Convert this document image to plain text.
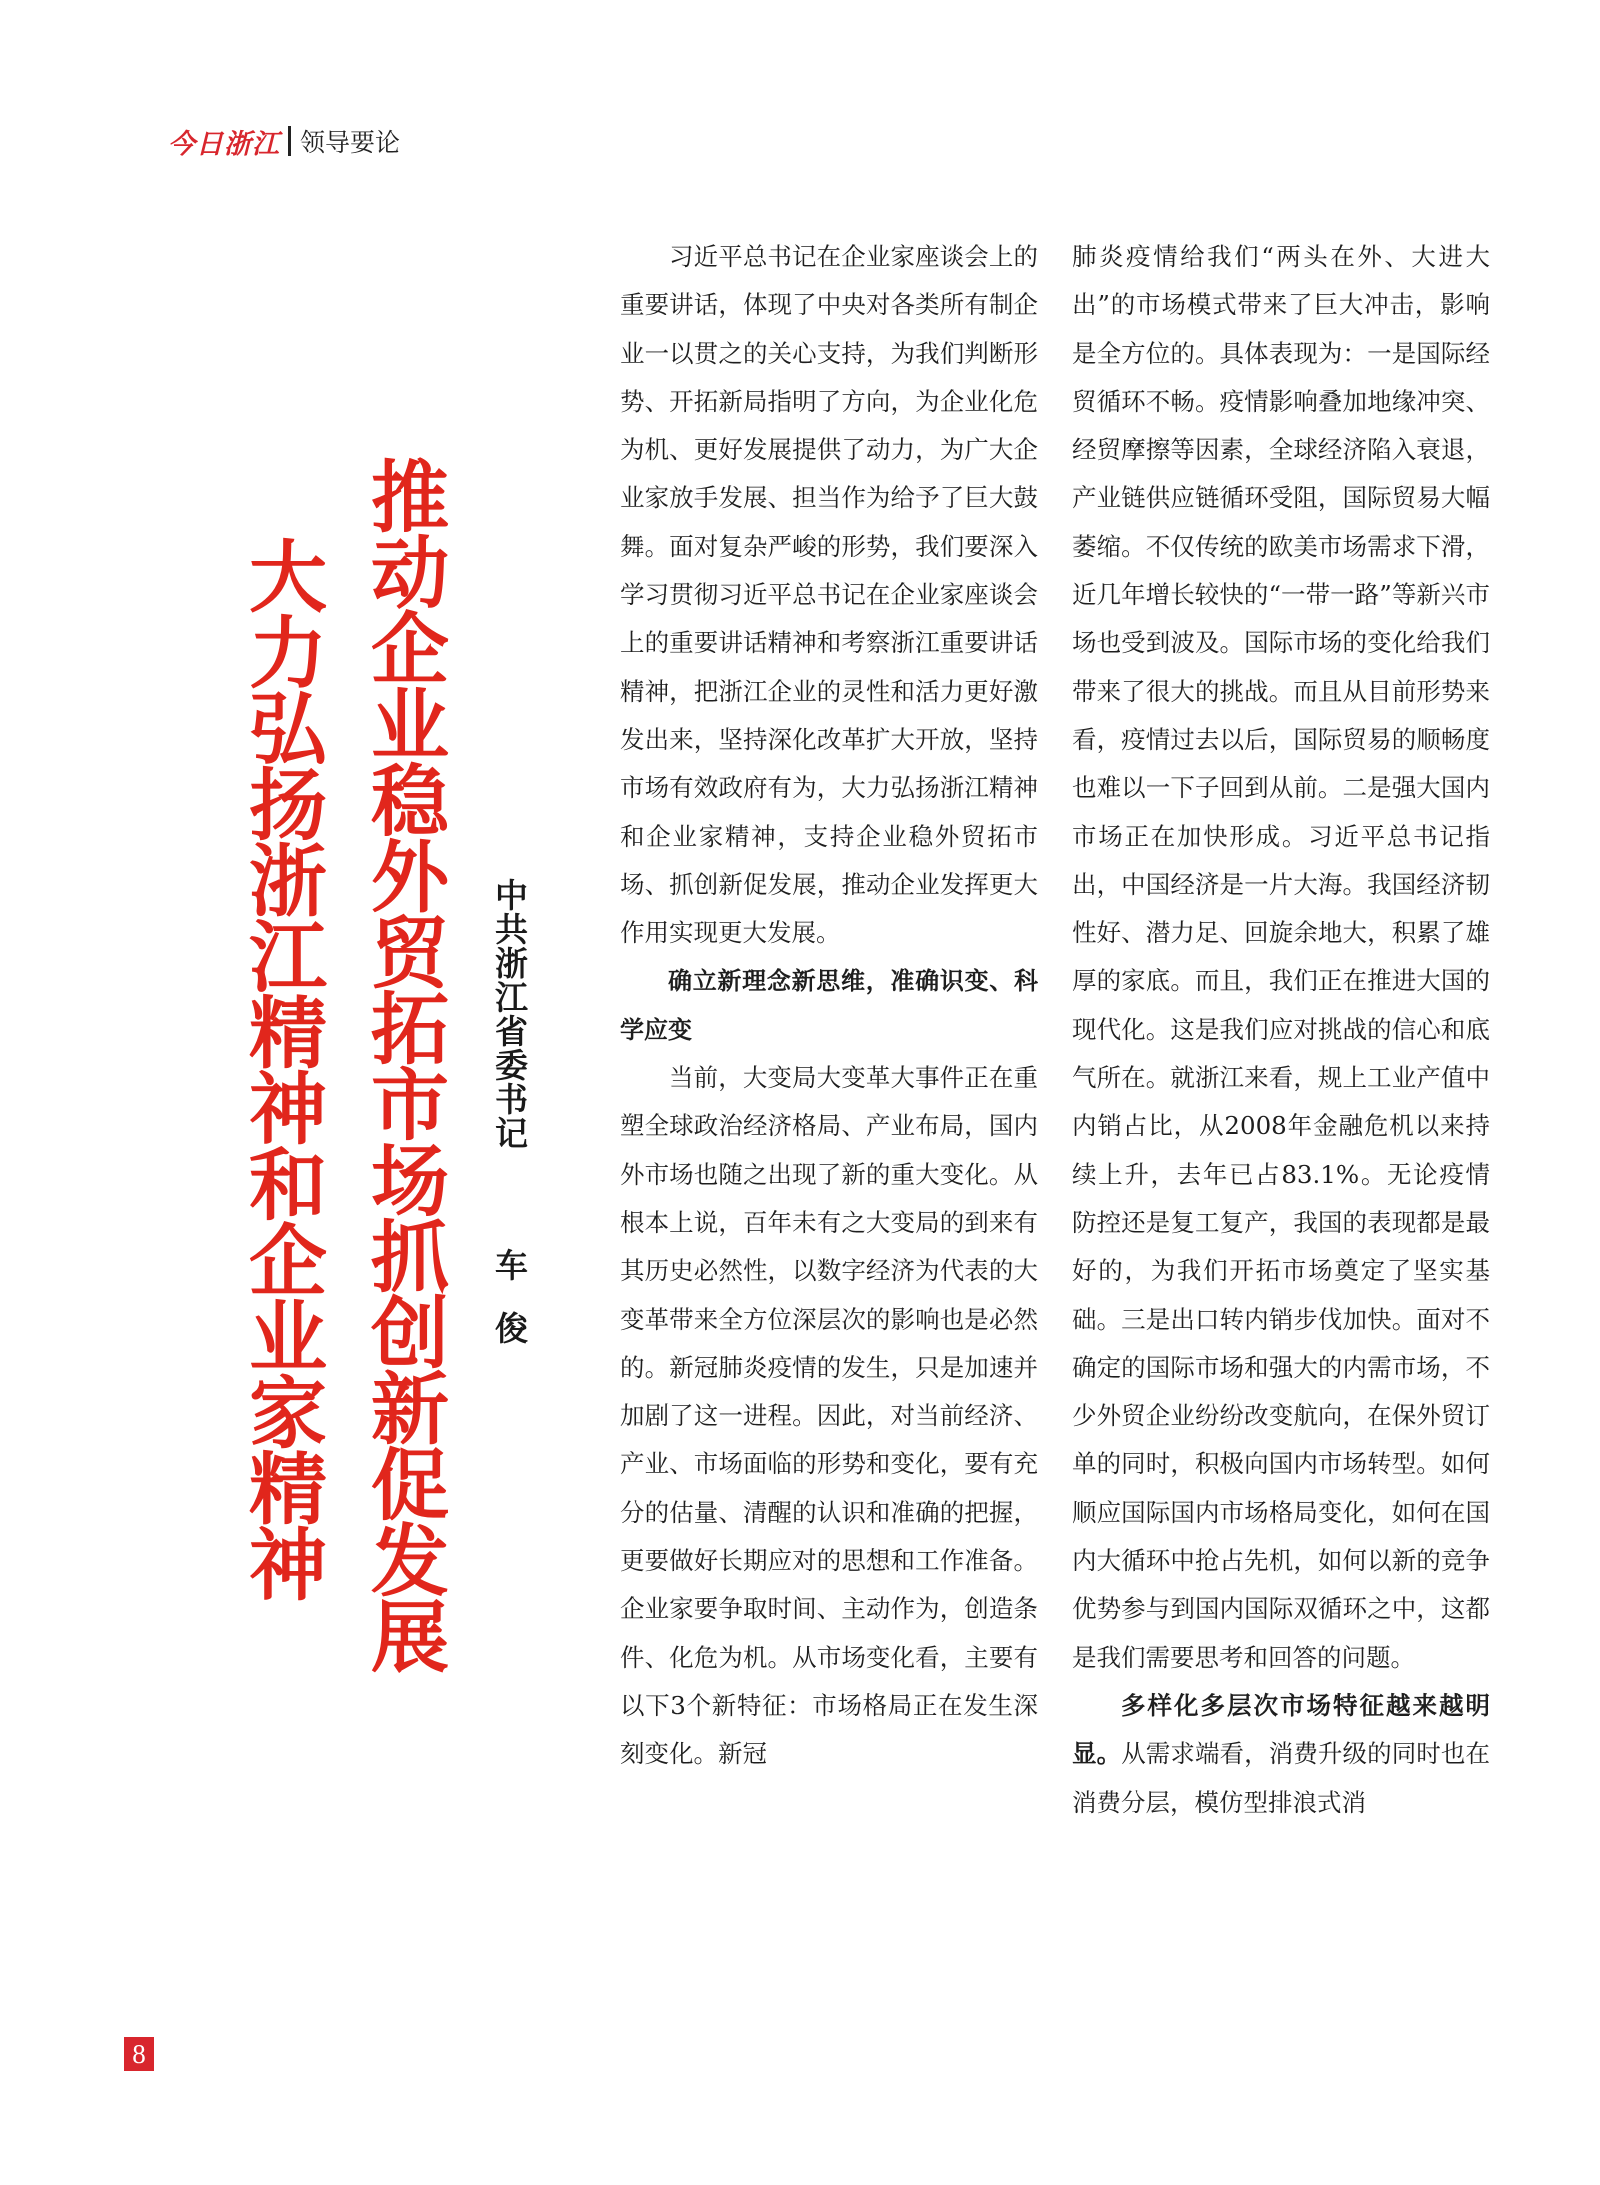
今日浙江 领导要论
推动企业稳外贸拓市场抓创新促发展
大力弘扬浙江精神和企业家精神	中共浙江省委书记 车俊

习近平总书记在企业家座谈会上的重要讲话，体现了中央对各类所有制企业一以贯之的关心支持，为我们判断形势、开拓新局指明了方向，为企业化危为机、更好发展提供了动力，为广大企业家放手发展、担当作为给予了巨大鼓舞。面对复杂严峻的形势，我们要深入学习贯彻习近平总书记在企业家座谈会上的重要讲话精神和考察浙江重要讲话精神，把浙江企业的灵性和活力更好激发出来，坚持深化改革扩大开放，坚持市场有效政府有为，大力弘扬浙江精神和企业家精神，支持企业稳外贸拓市场、抓创新促发展，推动企业发挥更大作用实现更大发展。

确立新理念新思维，准确识变、科学应变

当前，大变局大变革大事件正在重塑全球政治经济格局、产业布局，国内外市场也随之出现了新的重大变化。从根本上说，百年未有之大变局的到来有其历史必然性，以数字经济为代表的大变革带来全方位深层次的影响也是必然的。新冠肺炎疫情的发生，只是加速并加剧了这一进程。因此，对当前经济、产业、市场面临的形势和变化，要有充分的估量、清醒的认识和准确的把握，更要做好长期应对的思想和工作准备。企业家要争取时间、主动作为，创造条件、化危为机。从市场变化看，主要有以下3个新特征：市场格局正在发生深刻变化。新冠

肺炎疫情给我们“两头在外、大进大出”的市场模式带来了巨大冲击，影响是全方位的。具体表现为：一是国际经贸循环不畅。疫情影响叠加地缘冲突、经贸摩擦等因素，全球经济陷入衰退，产业链供应链循环受阻，国际贸易大幅萎缩。不仅传统的欧美市场需求下滑，近几年增长较快的“一带一路”等新兴市场也受到波及。国际市场的变化给我们带来了很大的挑战。而且从目前形势来看，疫情过去以后，国际贸易的顺畅度也难以一下子回到从前。二是强大国内市场正在加快形成。习近平总书记指出，中国经济是一片大海。我国经济韧性好、潜力足、回旋余地大，积累了雄厚的家底。而且，我们正在推进大国的现代化。这是我们应对挑战的信心和底气所在。就浙江来看，规上工业产值中内销占比，从2008年金融危机以来持续上升，去年已占83.1%。无论疫情防控还是复工复产，我国的表现都是最好的，为我们开拓市场奠定了坚实基础。三是出口转内销步伐加快。面对不确定的国际市场和强大的内需市场，不少外贸企业纷纷改变航向，在保外贸订单的同时，积极向国内市场转型。如何顺应国际国内市场格局变化，如何在国内大循环中抢占先机，如何以新的竞争优势参与到国内国际双循环之中，这都是我们需要思考和回答的问题。

多样化多层次市场特征越来越明显。从需求端看，消费升级的同时也在消费分层，模仿型排浪式消

8
